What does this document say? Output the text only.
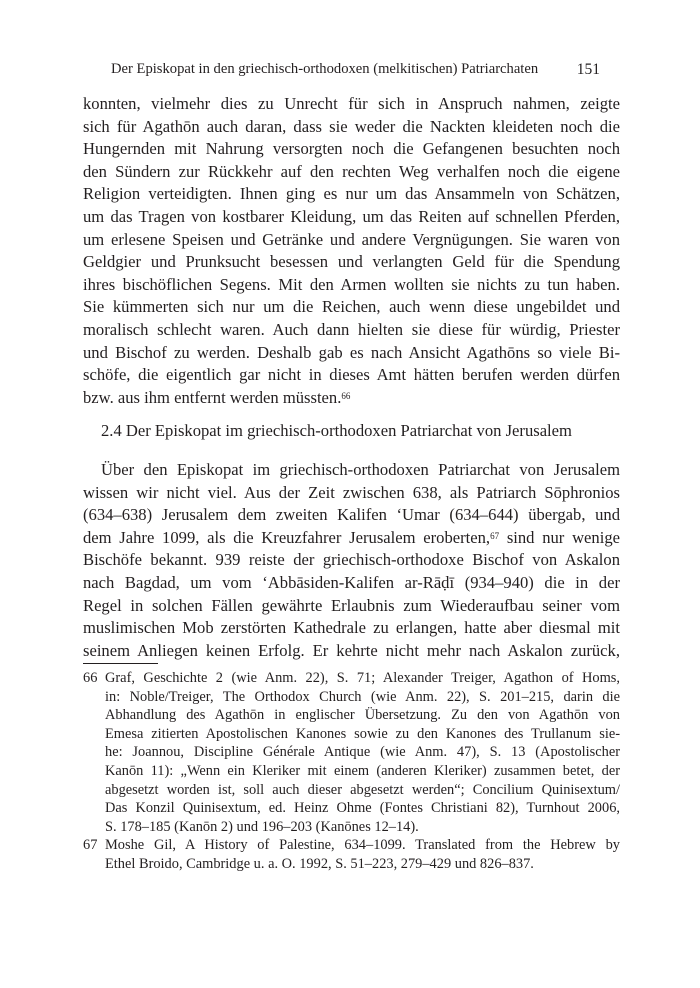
Der Episkopat in den griechisch-orthodoxen (melkitischen) Patriarchaten 151
konnten, vielmehr dies zu Unrecht für sich in Anspruch nahmen, zeigte
sich für Agathōn auch daran, dass sie weder die Nackten kleideten noch die
Hungernden mit Nahrung versorgten noch die Gefangenen besuchten noch
den Sündern zur Rückkehr auf den rechten Weg verhalfen noch die eigene
Religion verteidigten. Ihnen ging es nur um das Ansammeln von Schätzen,
um das Tragen von kostbarer Kleidung, um das Reiten auf schnellen Pferden,
um erlesene Speisen und Getränke und andere Vergnügungen. Sie waren von
Geldgier und Prunksucht besessen und verlangten Geld für die Spendung
ihres bischöflichen Segens. Mit den Armen wollten sie nichts zu tun haben.
Sie kümmerten sich nur um die Reichen, auch wenn diese ungebildet und
moralisch schlecht waren. Auch dann hielten sie diese für würdig, Priester
und Bischof zu werden. Deshalb gab es nach Ansicht Agathōns so viele Bi-
schöfe, die eigentlich gar nicht in dieses Amt hätten berufen werden dürfen
bzw. aus ihm entfernt werden müssten.$^{66}$
2.4 Der Episkopat im griechisch-orthodoxen Patriarchat von Jerusalem
Über den Episkopat im griechisch-orthodoxen Patriarchat von Jerusalem
wissen wir nicht viel. Aus der Zeit zwischen 638, als Patriarch Sōphronios
(634–638) Jerusalem dem zweiten Kalifen ‘Umar (634–644) übergab, und
dem Jahre 1099, als die Kreuzfahrer Jerusalem eroberten,$^{67}$ sind nur wenige
Bischöfe bekannt. 939 reiste der griechisch-orthodoxe Bischof von Askalon
nach Bagdad, um vom ‘Abbāsiden-Kalifen ar-Rāḍī (934–940) die in der
Regel in solchen Fällen gewährte Erlaubnis zum Wiederaufbau seiner vom
muslimischen Mob zerstörten Kathedrale zu erlangen, hatte aber diesmal mit
seinem Anliegen keinen Erfolg. Er kehrte nicht mehr nach Askalon zurück,
66 Graf, Geschichte 2 (wie Anm. 22), S. 71; Alexander Treiger, Agathon of Homs,
in: Noble/Treiger, The Orthodox Church (wie Anm. 22), S. 201–215, darin die
Abhandlung des Agathōn in englischer Übersetzung. Zu den von Agathōn von
Emesa zitierten Apostolischen Kanones sowie zu den Kanones des Trullanum sie-
he: Joannou, Discipline Générale Antique (wie Anm. 47), S. 13 (Apostolischer
Kanōn 11): „Wenn ein Kleriker mit einem (anderen Kleriker) zusammen betet, der
abgesetzt worden ist, soll auch dieser abgesetzt werden“; Concilium Quinisextum/
Das Konzil Quinisextum, ed. Heinz Ohme (Fontes Christiani 82), Turnhout 2006,
S. 178–185 (Kanōn 2) und 196–203 (Kanōnes 12–14).
67 Moshe Gil, A History of Palestine, 634–1099. Translated from the Hebrew by
Ethel Broido, Cambridge u. a. O. 1992, S. 51–223, 279–429 und 826–837.
